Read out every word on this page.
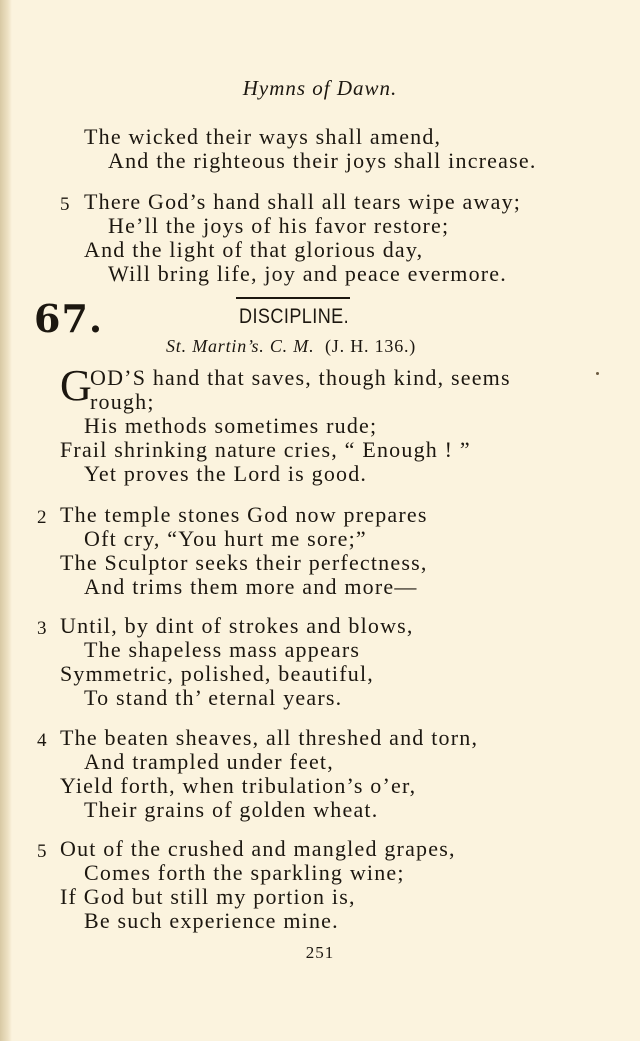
Hymns of Dawn.
The wicked their ways shall amend,
And the righteous their joys shall increase.
5 There God’s hand shall all tears wipe away;
He’ll the joys of his favor restore;
And the light of that glorious day,
Will bring life, joy and peace evermore.
67.	DISCIPLINE.
St. Martin’s. C. M. (J. H. 136.)
G
OD’S hand that saves, though kind, seems
rough;
His methods sometimes rude;
Frail shrinking nature cries, “ Enough ! ”
Yet proves the Lord is good.
2 The temple stones God now prepares
Oft cry, “You hurt me sore;”
The Sculptor seeks their perfectness,
And trims them more and more—
3 Until, by dint of strokes and blows,
The shapeless mass appears
Symmetric, polished, beautiful,
To stand th’ eternal years.
4 The beaten sheaves, all threshed and torn,
And trampled under feet,
Yield forth, when tribulation’s o’er,
Their grains of golden wheat.
5 Out of the crushed and mangled grapes,
Comes forth the sparkling wine;
If God but still my portion is,
Be such experience mine.
251
